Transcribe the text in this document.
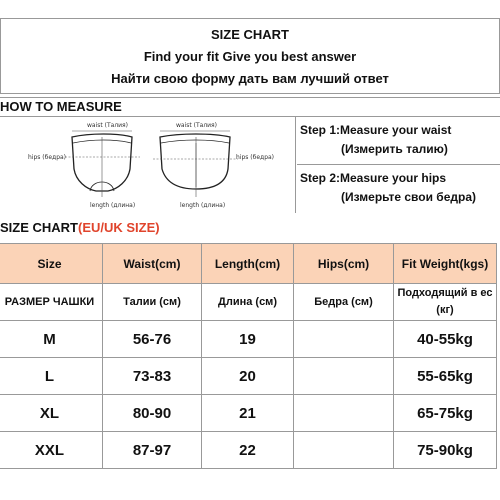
SIZE CHART
Find your fit Give you best answer
Найти свою форму дать вам лучший ответ
HOW TO MEASURE
waist (Талия)
hips (бедра)
length (длина)
waist (Талия)
hips (бедра)
length (длина)
Step 1:Measure your waist
(Измерить талию)
Step 2:Measure your hips
(Измерьте свои бедра)
SIZE CHART(EU/UK SIZE)
Size	Waist(cm)	Length(cm)	Hips(cm)	Fit Weight(kgs)
РАЗМЕР ЧАШКИ	Талии (см)	Длина (см)	Бедра (см)	Подходящий в ес (кг)
M	56-76	19		40-55kg
L	73-83	20		55-65kg
XL	80-90	21		65-75kg
XXL	87-97	22		75-90kg
